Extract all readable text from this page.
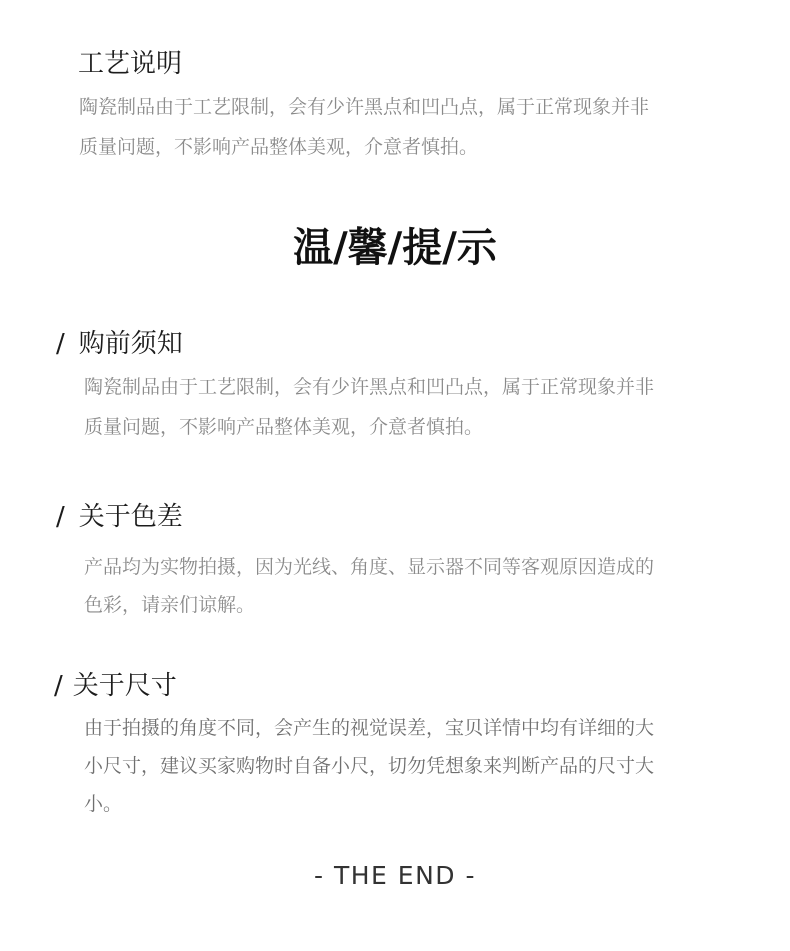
工艺说明
陶瓷制品由于工艺限制，会有少许黑点和凹凸点，属于正常现象并非
质量问题，不影响产品整体美观，介意者慎拍。
温/馨/提/示
/ 购前须知
陶瓷制品由于工艺限制，会有少许黑点和凹凸点，属于正常现象并非
质量问题，不影响产品整体美观，介意者慎拍。
/ 关于色差
产品均为实物拍摄，因为光线、角度、显示器不同等客观原因造成的
色彩，请亲们谅解。
/ 关于尺寸
由于拍摄的角度不同，会产生的视觉误差，宝贝详情中均有详细的大
小尺寸，建议买家购物时自备小尺，切勿凭想象来判断产品的尺寸大
小。
- THE END -
